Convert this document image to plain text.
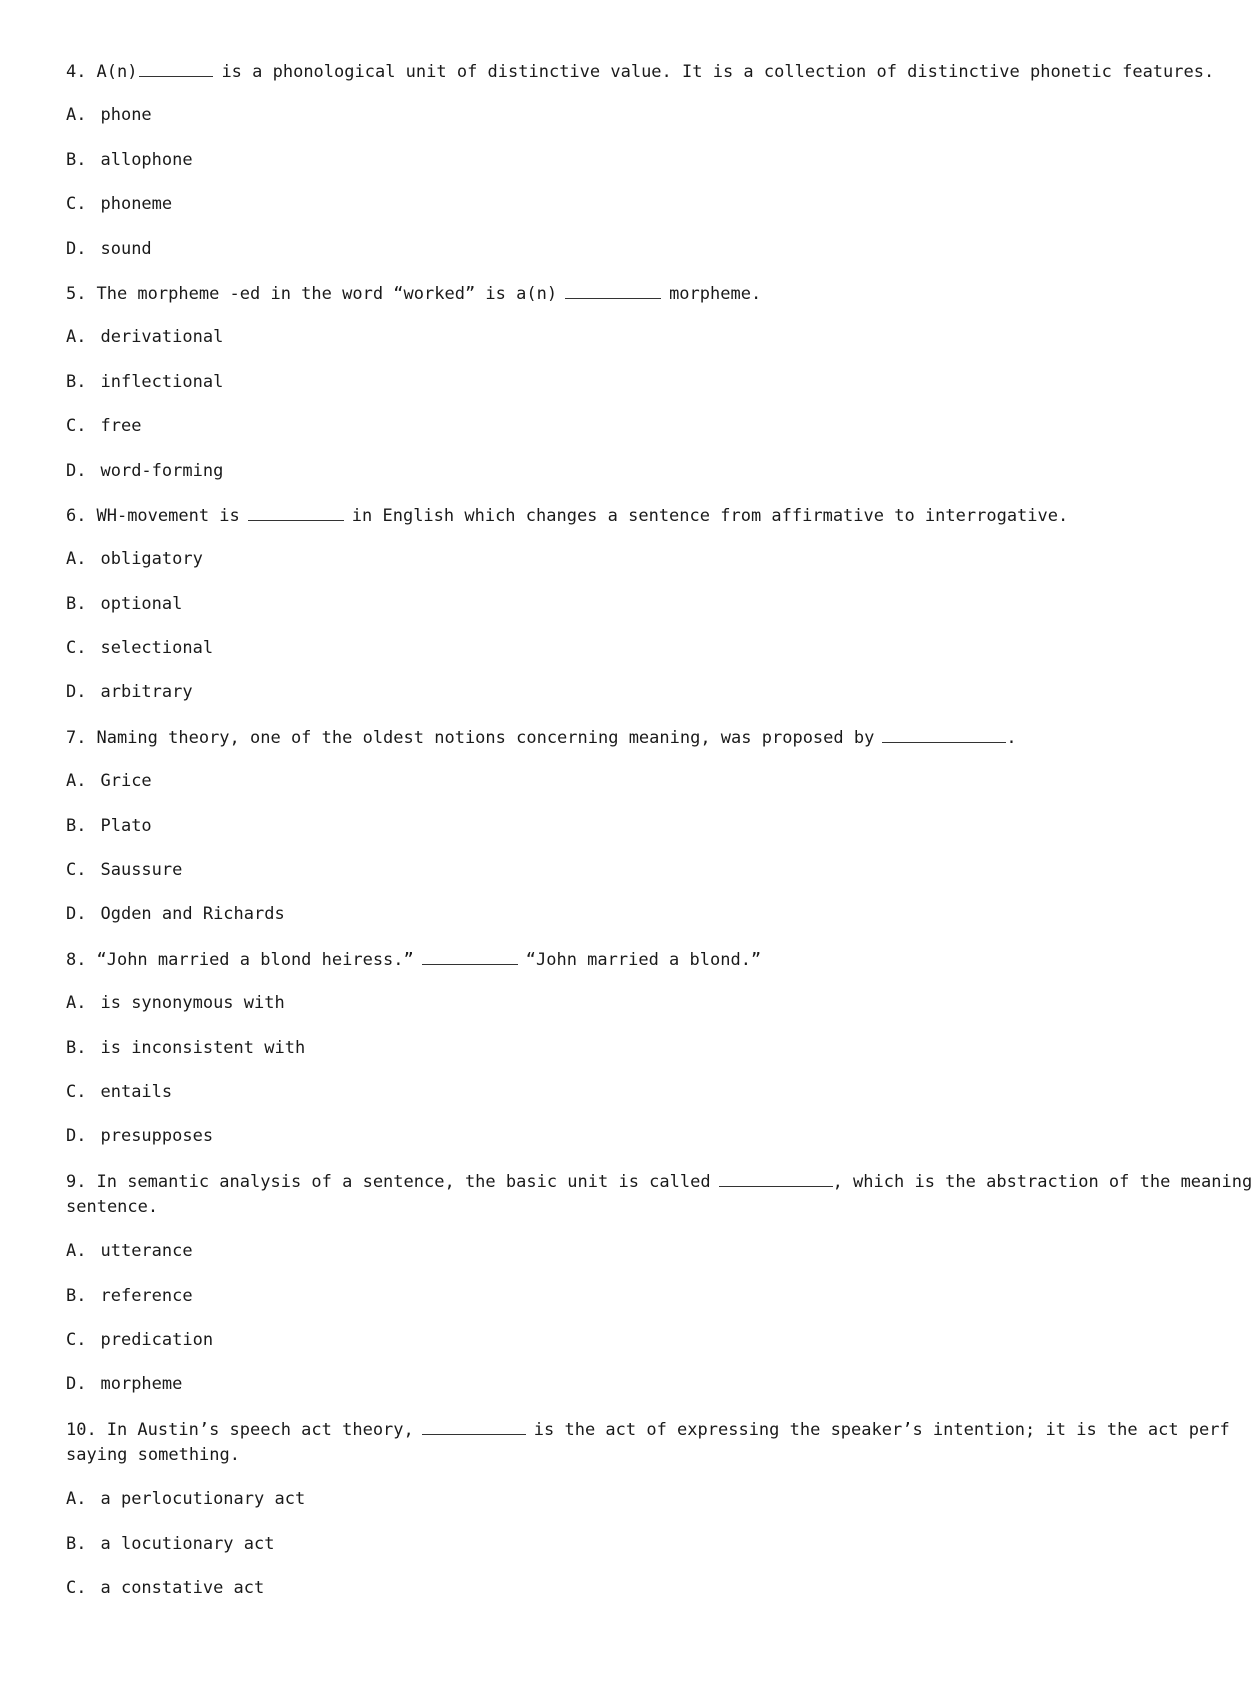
4. A(n)	is a phonological unit of distinctive value. It is a collection of distinctive phonetic features.
A. phone
B. allophone
C. phoneme
D. sound
5. The morpheme -ed in the word “worked” is a(n)	morpheme.
A. derivational
B. inflectional
C. free
D. word-forming
6. WH-movement is	in English which changes a sentence from affirmative to interrogative.
A. obligatory
B. optional
C. selectional
D. arbitrary
7. Naming theory, one of the oldest notions concerning meaning, was proposed by	.
A. Grice
B. Plato
C. Saussure
D. Ogden and Richards
8. “John married a blond heiress.”	“John married a blond.”
A. is synonymous with
B. is inconsistent with
C. entails
D. presupposes
9. In semantic analysis of a sentence, the basic unit is called	, which is the abstraction of the meaning
sentence.
A. utterance
B. reference
C. predication
D. morpheme
10. In Austin’s speech act theory,	is the act of expressing the speaker’s intention; it is the act perf
saying something.
A. a perlocutionary act
B. a locutionary act
C. a constative act
